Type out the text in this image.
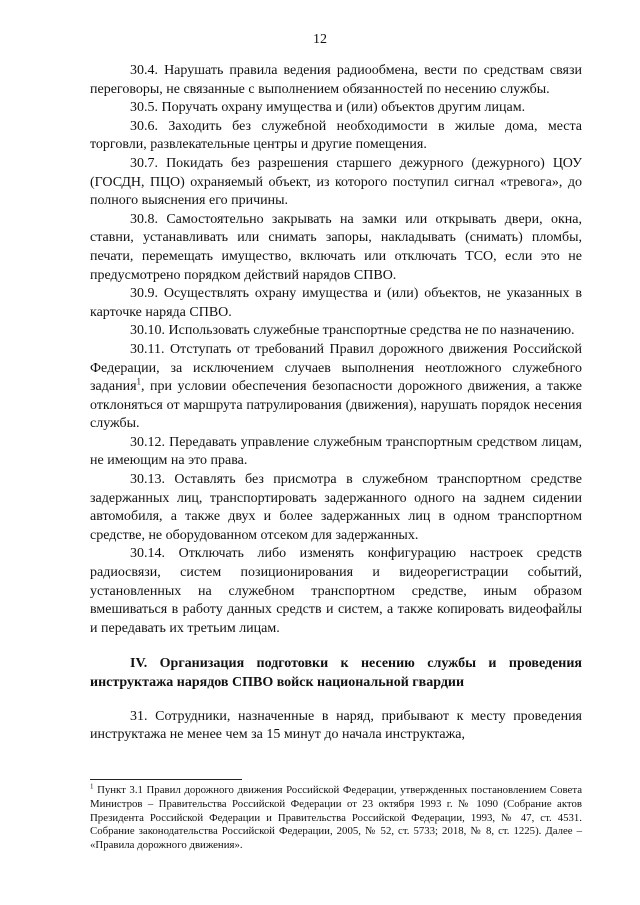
12

30.4. Нарушать правила ведения радиообмена, вести по средствам связи переговоры, не связанные с выполнением обязанностей по несению службы.

30.5. Поручать охрану имущества и (или) объектов другим лицам.

30.6. Заходить без служебной необходимости в жилые дома, места торговли, развлекательные центры и другие помещения.

30.7. Покидать без разрешения старшего дежурного (дежурного) ЦОУ (ГОСДН, ПЦО) охраняемый объект, из которого поступил сигнал «тревога», до полного выяснения его причины.

30.8. Самостоятельно закрывать на замки или открывать двери, окна, ставни, устанавливать или снимать запоры, накладывать (снимать) пломбы, печати, перемещать имущество, включать или отключать ТСО, если это не предусмотрено порядком действий нарядов СПВО.

30.9. Осуществлять охрану имущества и (или) объектов, не указанных в карточке наряда СПВО.

30.10. Использовать служебные транспортные средства не по назначению.

30.11. Отступать от требований Правил дорожного движения Российской Федерации, за исключением случаев выполнения неотложного служебного задания$^1$, при условии обеспечения безопасности дорожного движения, а также отклоняться от маршрута патрулирования (движения), нарушать порядок несения службы.

30.12. Передавать управление служебным транспортным средством лицам, не имеющим на это права.

30.13. Оставлять без присмотра в служебном транспортном средстве задержанных лиц, транспортировать задержанного одного на заднем сидении автомобиля, а также двух и более задержанных лиц в одном транспортном средстве, не оборудованном отсеком для задержанных.

30.14. Отключать либо изменять конфигурацию настроек средств радиосвязи, систем позиционирования и видеорегистрации событий, установленных на служебном транспортном средстве, иным образом вмешиваться в работу данных средств и систем, а также копировать видеофайлы и передавать их третьим лицам.

IV. Организация подготовки к несению службы и проведения инструктажа нарядов СПВО войск национальной гвардии

31. Сотрудники, назначенные в наряд, прибывают к месту проведения инструктажа не менее чем за 15 минут до начала инструктажа,

$^1$ Пункт 3.1 Правил дорожного движения Российской Федерации, утвержденных постановлением Совета Министров – Правительства Российской Федерации от 23 октября 1993 г. № 1090 (Собрание актов Президента Российской Федерации и Правительства Российской Федерации, 1993, № 47, ст. 4531. Собрание законодательства Российской Федерации, 2005, № 52, ст. 5733; 2018, № 8, ст. 1225). Далее – «Правила дорожного движения».
